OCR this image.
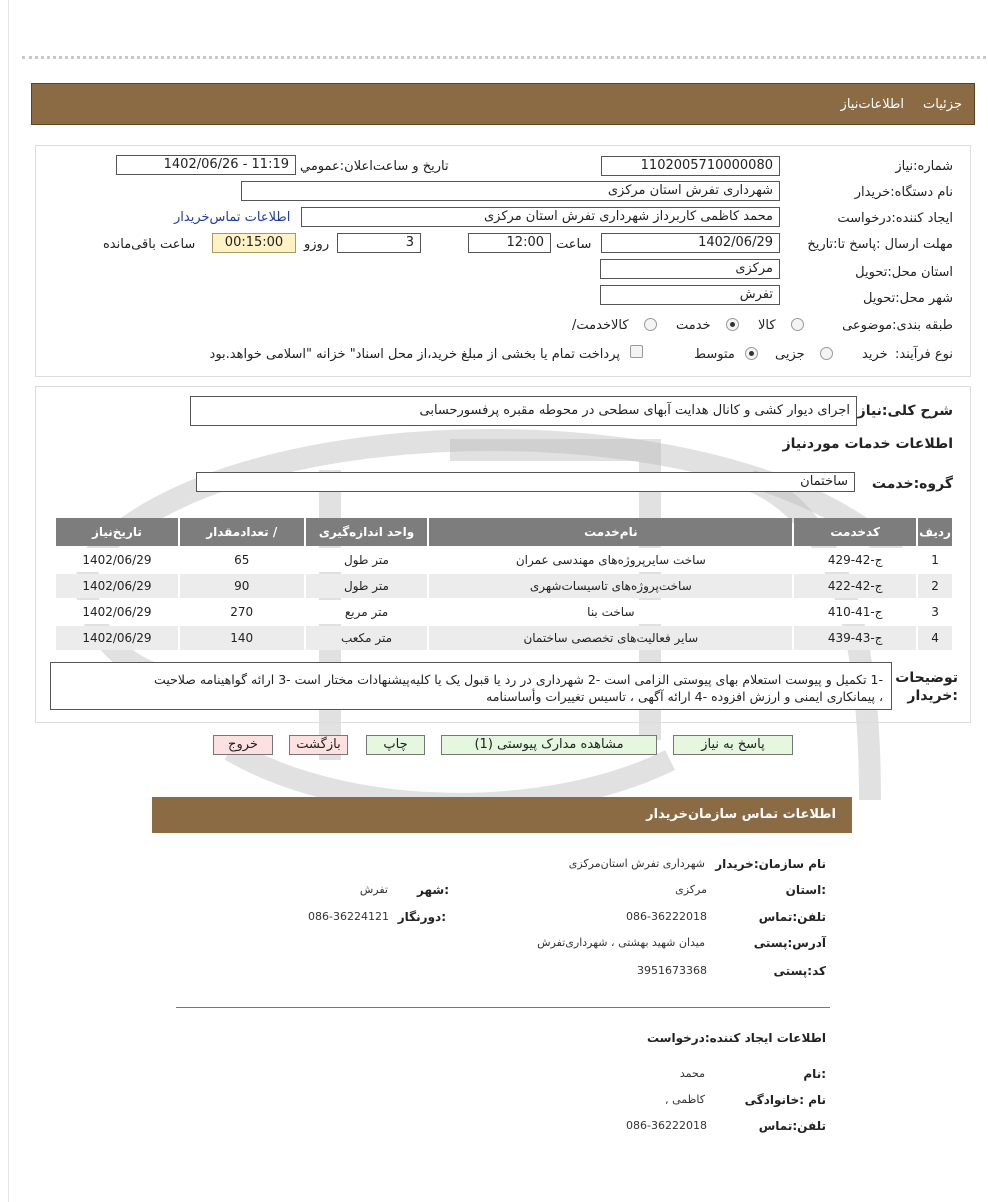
جزئیات
اطلاعات‌نیاز
شماره:نیاز
1102005710000080
تاریخ و ساعت‌اعلان:عمومي
1402/06/26 - 11:19
نام دستگاه:خریدار
شهرداری تفرش استان مرکزی
ایجاد کننده:درخواست
محمد کاظمی کاربرداز شهرداری تفرش استان مرکزی
اطلاعات تماس‌خریدار
مهلت ارسال :پاسخ تا:تاریخ
1402/06/29
ساعت
12:00
3
روزو
00:15:00
ساعت باقی‌مانده
استان محل:تحویل
مرکزی
شهر محل:تحویل
تفرش
طبقه بندی:موضوعی
کالا
خدمت
/کالاخدمت
نوع فرآیند:
خرید
جزیی
متوسط
پرداخت تمام یا بخشی از مبلغ خرید،از محل اسناد" خزانه "اسلامی خواهد.بود
شرح کلی:نیاز
اجرای دیوار کشی و کانال هدایت آبهای سطحی در محوطه مقبره پرفسورحسابی
اطلاعات خدمات موردنیاز
گروه:خدمت
ساختمان
ردیف	کدخدمت	نام‌خدمت	واحد اندازه‌گیری	/ تعدادمقدار	تاریخ‌نیاز
1	ج-42-429	ساخت سایرپروژه‌های مهندسی عمران	متر طول	65	1402/06/29
2	ج-42-422	ساخت‌پروژه‌های تاسیسات‌شهری	متر طول	90	1402/06/29
3	ج-41-410	ساخت بنا	متر مربع	270	1402/06/29
4	ج-43-439	سایر فعالیت‌های تخصصی ساختمان	متر مکعب	140	1402/06/29
توضیحات
:خریدار
-1 تکمیل و پیوست استعلام بهای پیوستی الزامی است -2 شهرداری در رد یا قبول یک یا کلیه‌پیشنهادات مختار است -3 ارائه گواهینامه صلاحیت
، پیمانکاری ایمنی و ارزش افزوده -4 ارائه آگهی ، تاسیس تغییرات وأساسنامه
پاسخ به نیاز
مشاهده مدارک پیوستی (1)
چاپ
بازگشت
خروج
اطلاعات تماس سازمان‌خریدار
نام سازمان:خریدار
شهرداری تفرش استان‌مرکزی
:استان
مرکزی
:شهر
تفرش
تلفن:تماس
086-36222018
:دورنگار
086-36224121
آدرس:پستی
میدان شهید بهشتی ، شهرداری‌تفرش
کد:پستی
3951673368
اطلاعات ایجاد کننده:درخواست
:نام
محمد
نام :خانوادگی
کاظمی ,
تلفن:تماس
086-36222018
